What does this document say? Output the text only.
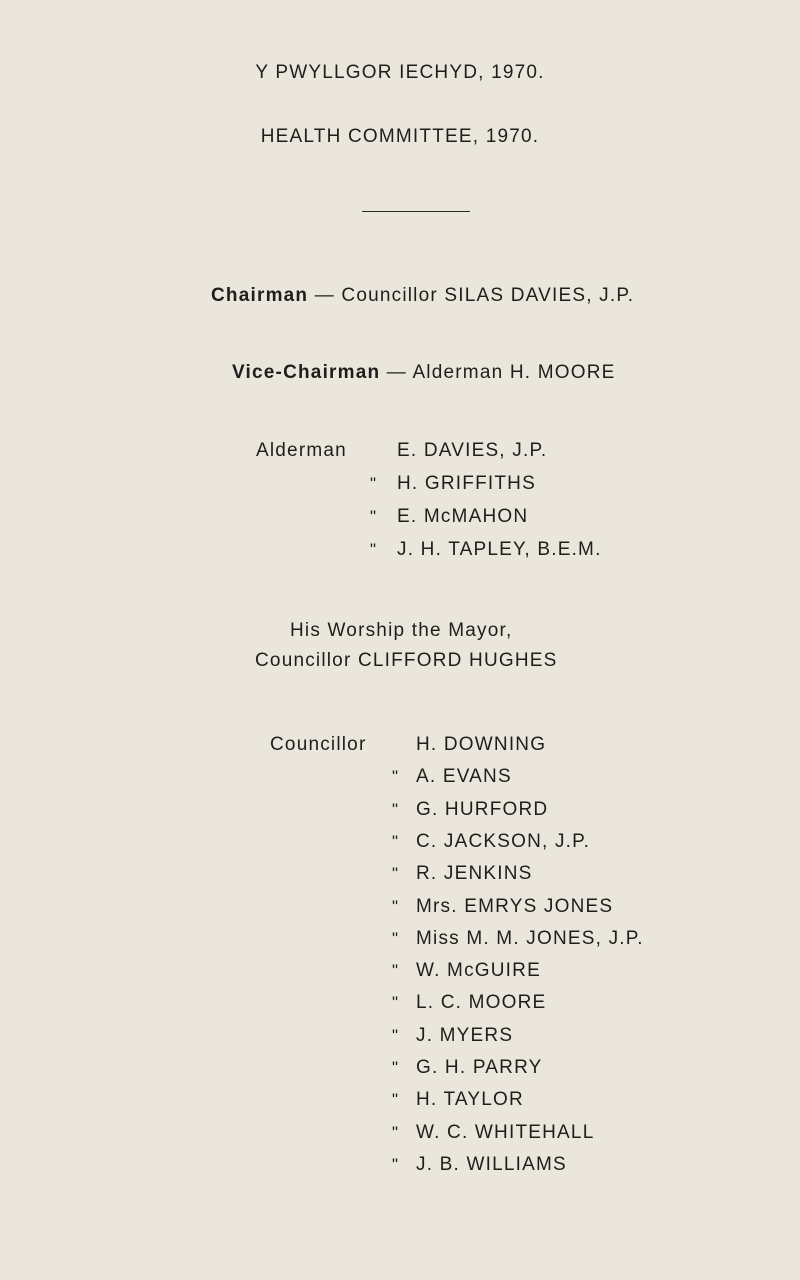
Y PWYLLGOR IECHYD, 1970.
HEALTH COMMITTEE, 1970.
Chairman — Councillor SILAS DAVIES, J.P.
Vice-Chairman — Alderman H. MOORE
Alderman	E. DAVIES, J.P.
"	H. GRIFFITHS
"	E. McMAHON
"	J. H. TAPLEY, B.E.M.
His Worship the Mayor,
Councillor CLIFFORD HUGHES
Councillor	H. DOWNING
" A. EVANS
" G. HURFORD
" C. JACKSON, J.P.
" R. JENKINS
" Mrs. EMRYS JONES
" Miss M. M. JONES, J.P.
" W. McGUIRE
" L. C. MOORE
" J. MYERS
" G. H. PARRY
" H. TAYLOR
" W. C. WHITEHALL
" J. B. WILLIAMS
